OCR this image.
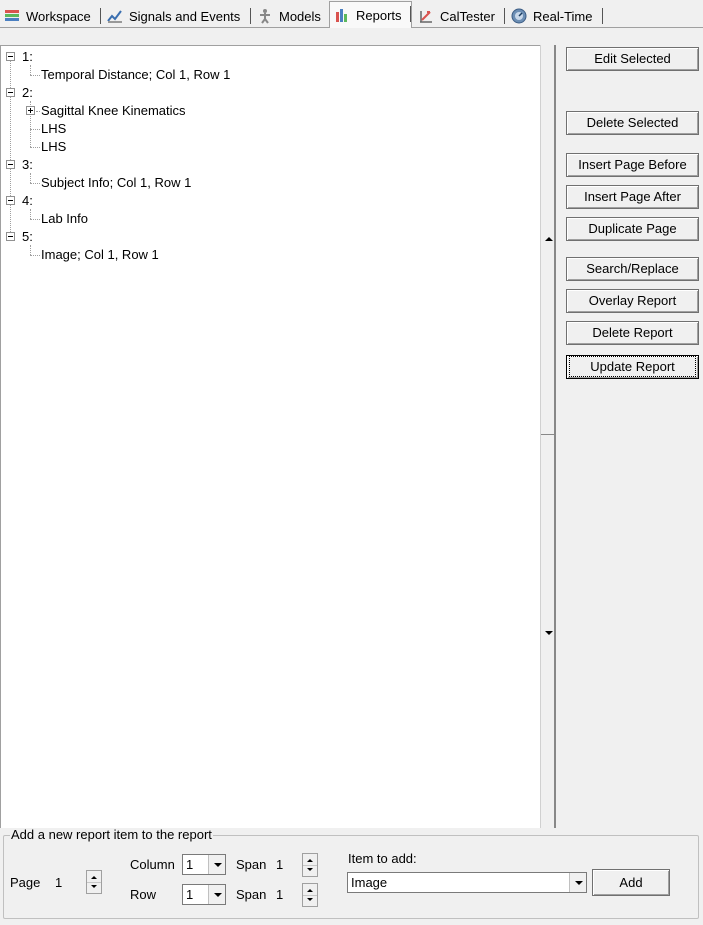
Workspace	Signals and Events	Models	Reports	CalTester	Real-Time
1:
Temporal Distance; Col 1, Row 1
2:
Sagittal Knee Kinematics
LHS
LHS
3:
Subject Info; Col 1, Row 1
4:
Lab Info
5:
Image; Col 1, Row 1
Edit Selected
Delete Selected
Insert Page Before
Insert Page After
Duplicate Page
Search/Replace
Overlay Report
Delete Report
Update Report
Add a new report item to the report
Page 1
Column 1	Span 1
Row	1	Span 1
Item to add:
Image	Add
